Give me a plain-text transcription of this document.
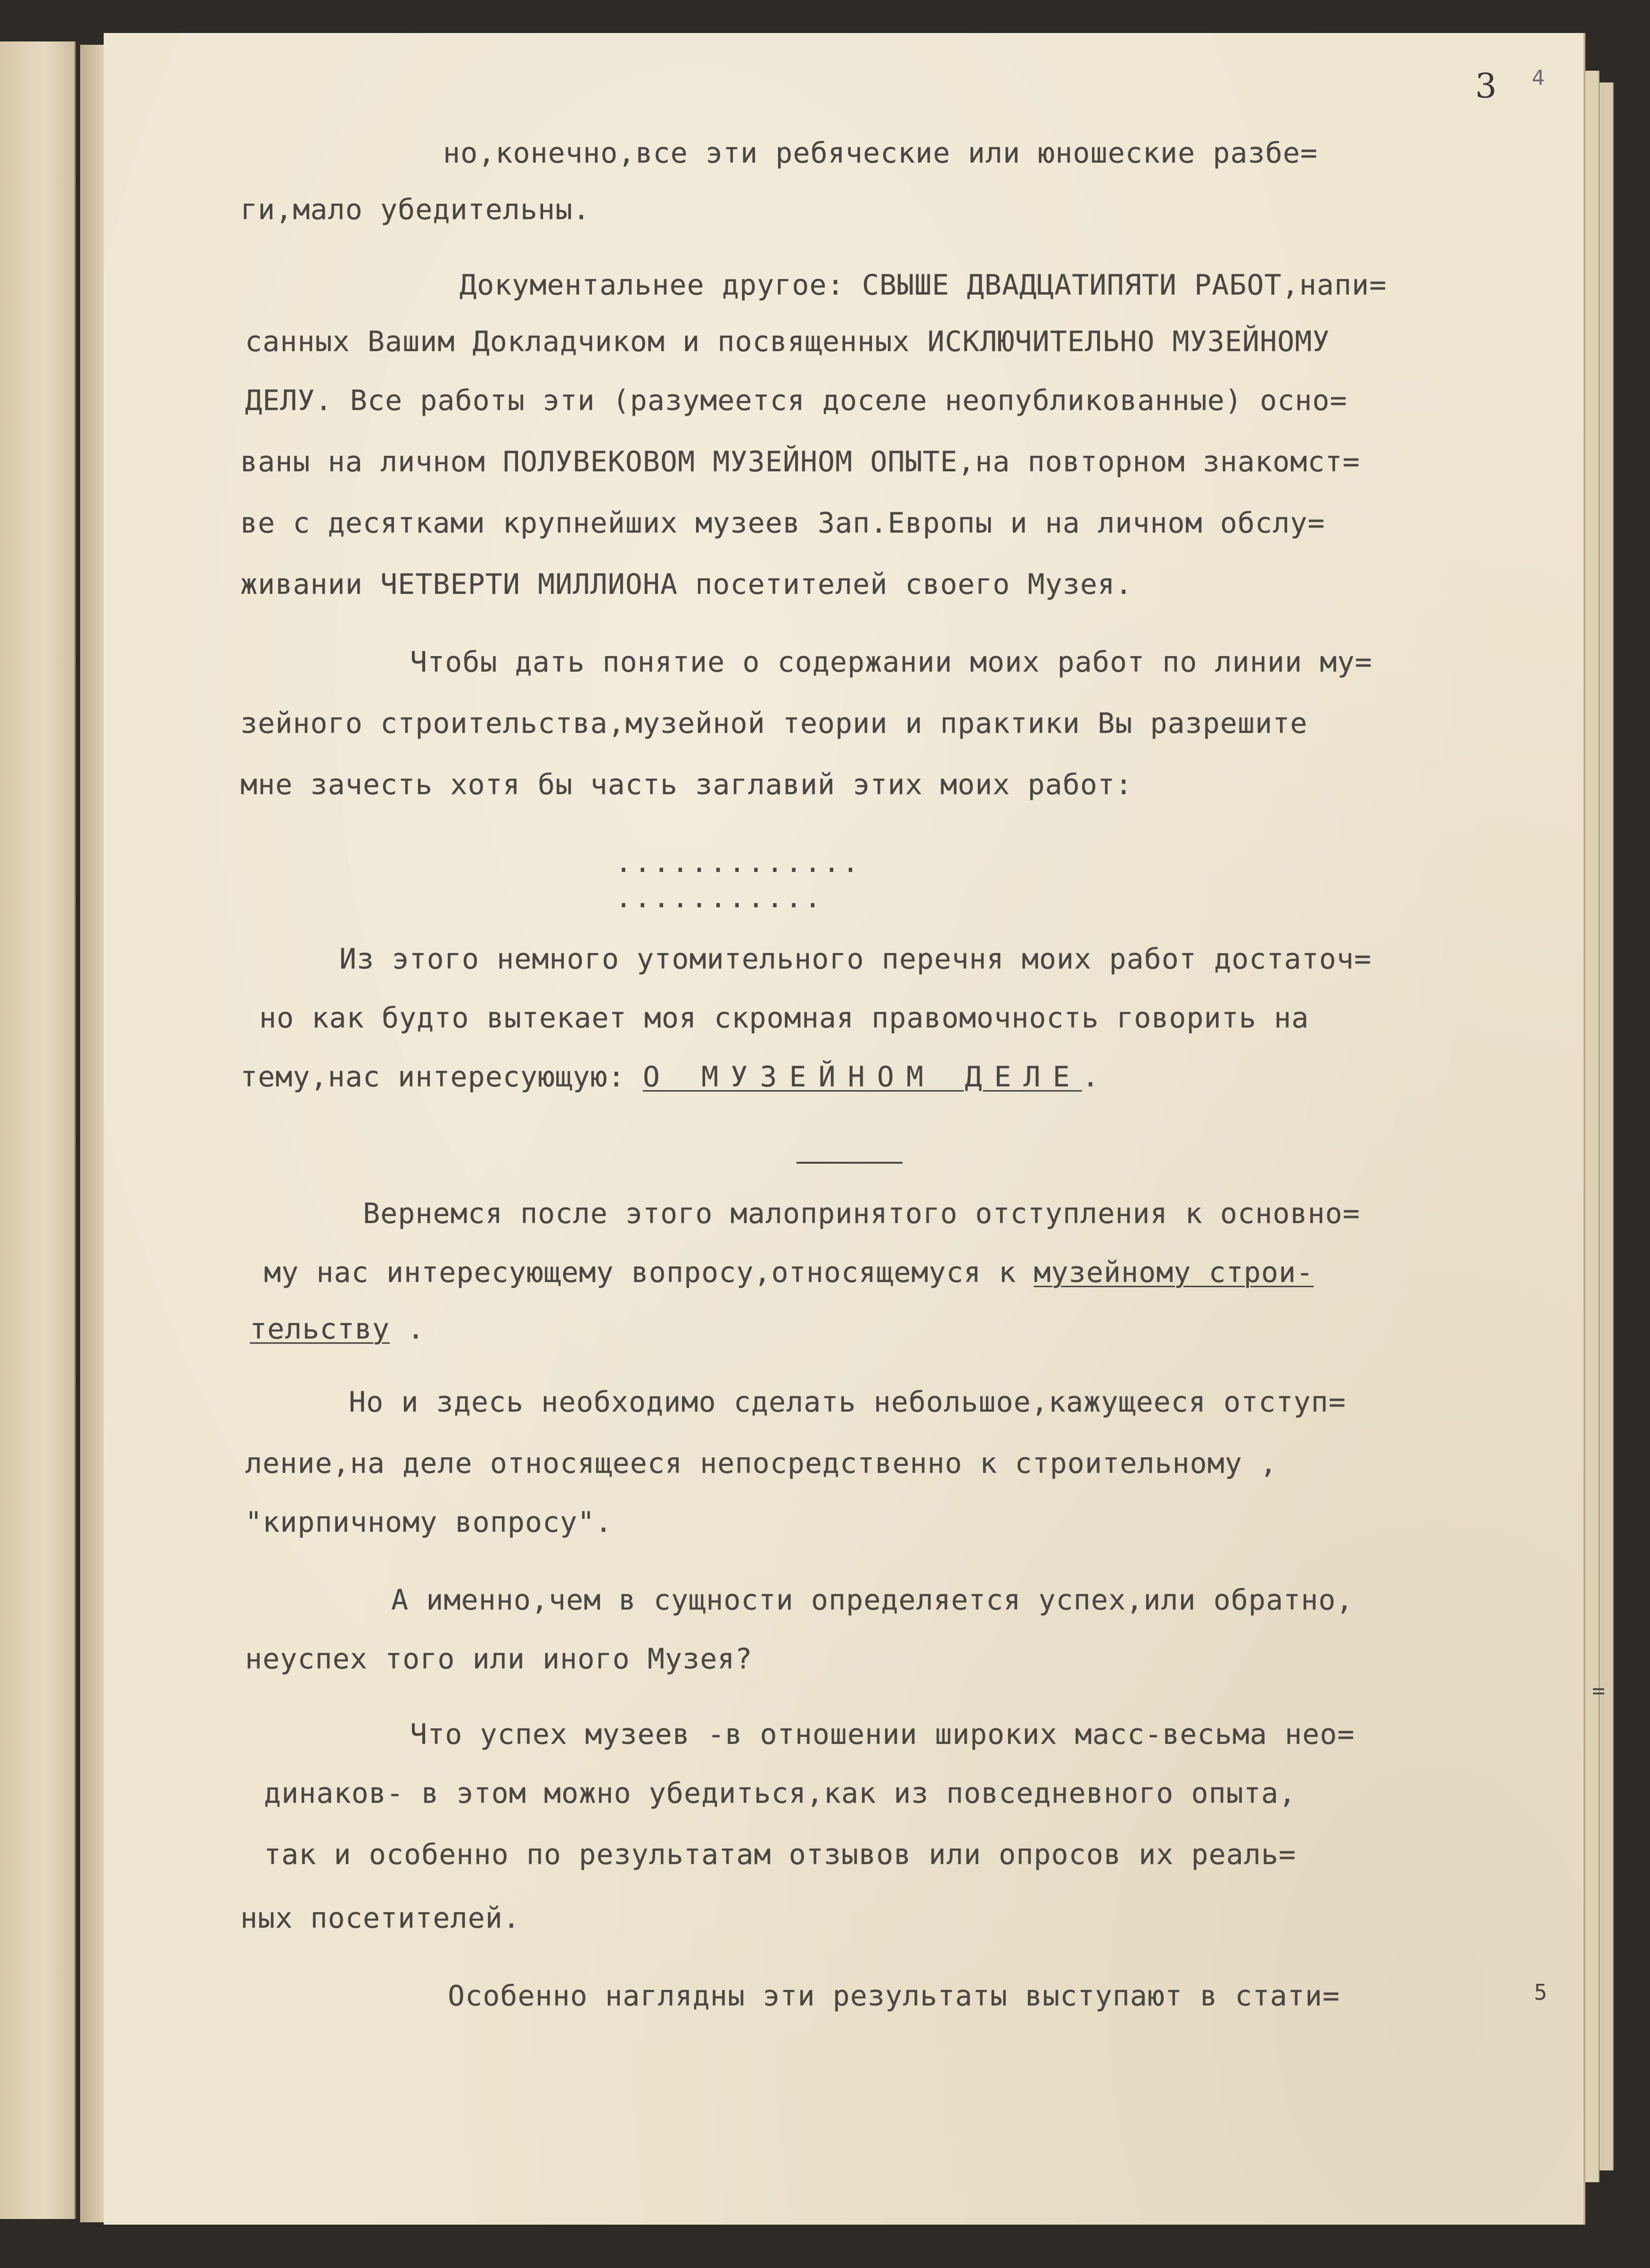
3 4
но,конечно,все эти ребяческие или юношеские разбе=
ги,мало убедительны.
Документальнее другое: СВЫШЕ ДВАДЦАТИПЯТИ РАБОТ,напи=
санных Вашим Докладчиком и посвященных ИСКЛЮЧИТЕЛЬНО МУЗЕЙНОМУ
ДЕЛУ. Все работы эти (разумеется доселе неопубликованные) осно=
ваны на личном ПОЛУВЕКОВОМ МУЗЕЙНОМ ОПЫТЕ,на повторном знакомст=
ве с десятками крупнейших музеев Зап.Европы и на личном обслу=
живании ЧЕТВЕРТИ МИЛЛИОНА посетителей своего Музея.
Чтобы дать понятие о содержании моих работ по линии му=
зейного строительства,музейной теории и практики Вы разрешите
мне зачесть хотя бы часть заглавий этих моих работ:
.............
...........
Из этого немного утомительного перечня моих работ достаточ=
но как будто вытекает моя скромная правомочность говорить на
тему,нас интересующую: О МУЗЕЙНОМ ДЕЛЕ.
Вернемся после этого малопринятого отступления к основно=
му нас интересующему вопросу,относящемуся к музейному строи-
тельству .
Но и здесь необходимо сделать небольшое,кажущееся отступ=
ление,на деле относящееся непосредственно к строительному ,
"кирпичному вопросу".
А именно,чем в сущности определяется успех,или обратно,
неуспех того или иного Музея?
Что успех музеев -в отношении широких масс-весьма нео=
динаков- в этом можно убедиться,как из повседневного опыта,
так и особенно по результатам отзывов или опросов их реаль=
ных посетителей.
Особенно наглядны эти результаты выступают в стати=
=
5
